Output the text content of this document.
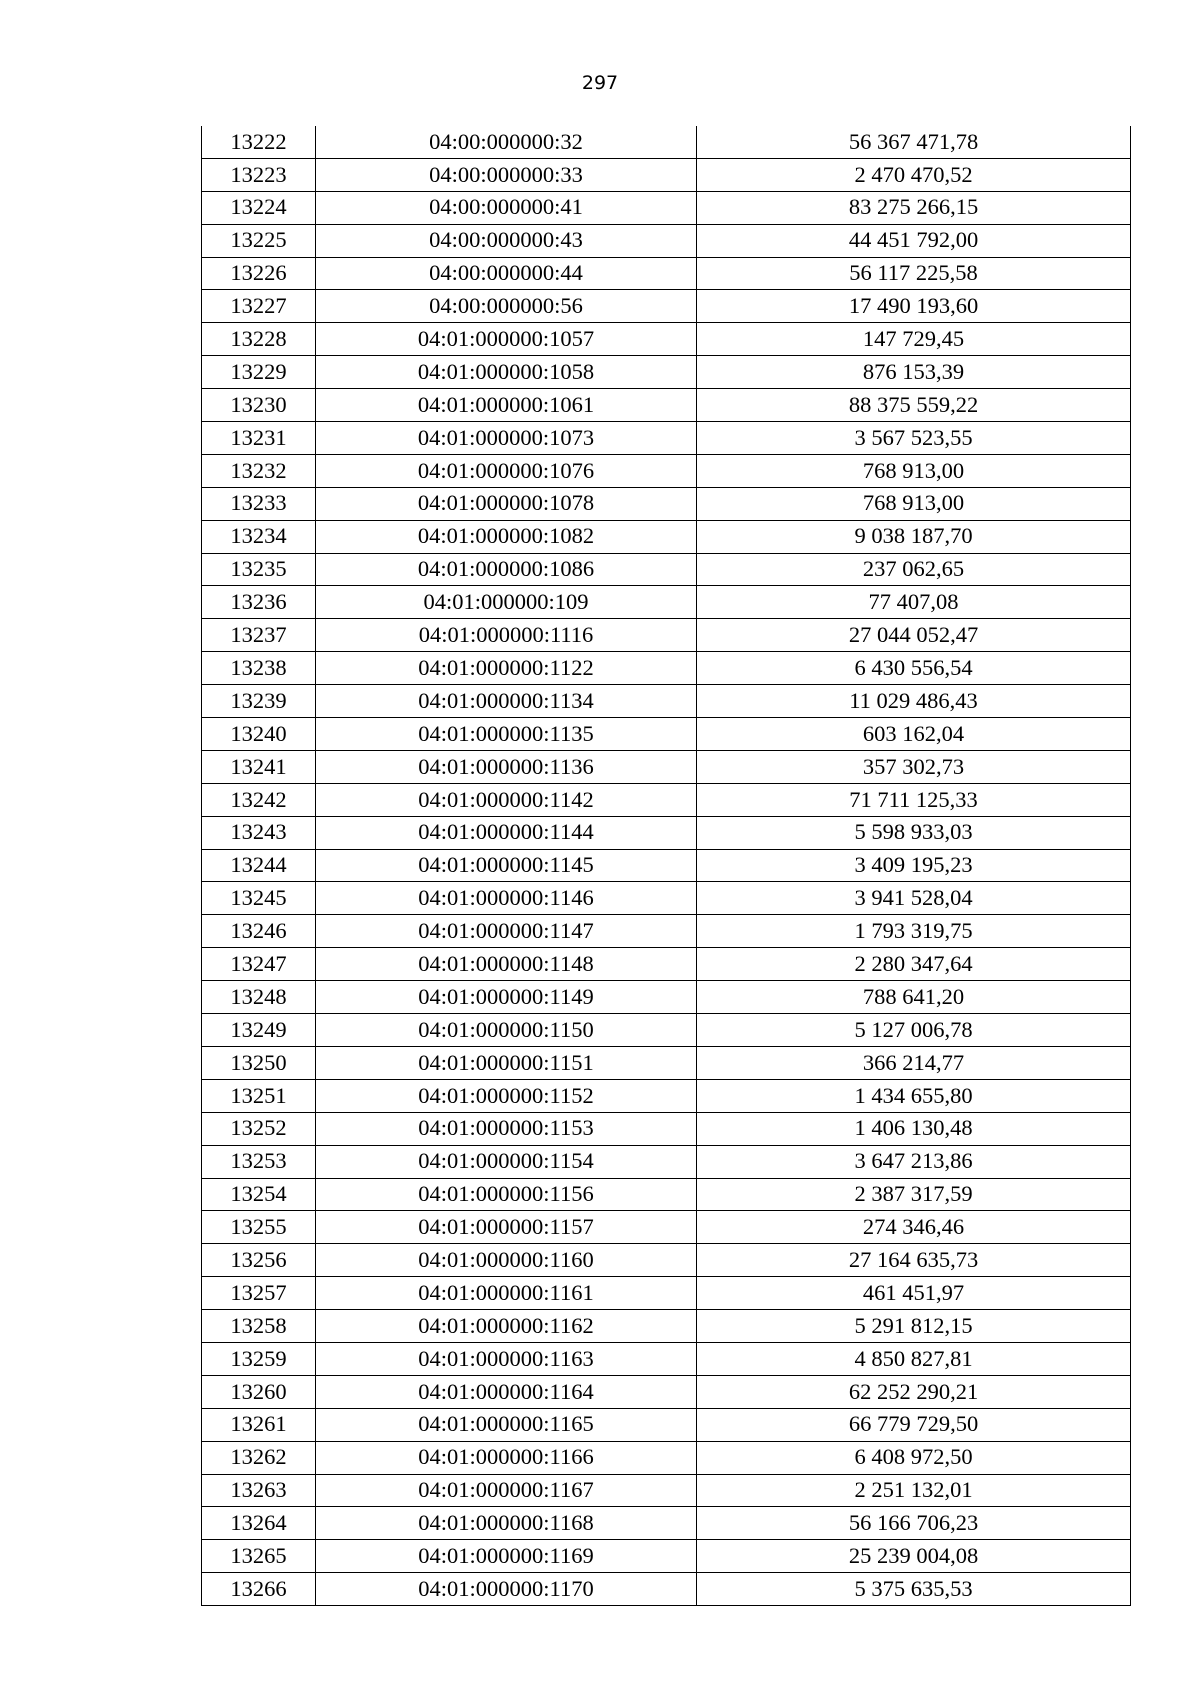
297
13222	04:00:000000:32	56 367 471,78
13223	04:00:000000:33	2 470 470,52
13224	04:00:000000:41	83 275 266,15
13225	04:00:000000:43	44 451 792,00
13226	04:00:000000:44	56 117 225,58
13227	04:00:000000:56	17 490 193,60
13228	04:01:000000:1057	147 729,45
13229	04:01:000000:1058	876 153,39
13230	04:01:000000:1061	88 375 559,22
13231	04:01:000000:1073	3 567 523,55
13232	04:01:000000:1076	768 913,00
13233	04:01:000000:1078	768 913,00
13234	04:01:000000:1082	9 038 187,70
13235	04:01:000000:1086	237 062,65
13236	04:01:000000:109	77 407,08
13237	04:01:000000:1116	27 044 052,47
13238	04:01:000000:1122	6 430 556,54
13239	04:01:000000:1134	11 029 486,43
13240	04:01:000000:1135	603 162,04
13241	04:01:000000:1136	357 302,73
13242	04:01:000000:1142	71 711 125,33
13243	04:01:000000:1144	5 598 933,03
13244	04:01:000000:1145	3 409 195,23
13245	04:01:000000:1146	3 941 528,04
13246	04:01:000000:1147	1 793 319,75
13247	04:01:000000:1148	2 280 347,64
13248	04:01:000000:1149	788 641,20
13249	04:01:000000:1150	5 127 006,78
13250	04:01:000000:1151	366 214,77
13251	04:01:000000:1152	1 434 655,80
13252	04:01:000000:1153	1 406 130,48
13253	04:01:000000:1154	3 647 213,86
13254	04:01:000000:1156	2 387 317,59
13255	04:01:000000:1157	274 346,46
13256	04:01:000000:1160	27 164 635,73
13257	04:01:000000:1161	461 451,97
13258	04:01:000000:1162	5 291 812,15
13259	04:01:000000:1163	4 850 827,81
13260	04:01:000000:1164	62 252 290,21
13261	04:01:000000:1165	66 779 729,50
13262	04:01:000000:1166	6 408 972,50
13263	04:01:000000:1167	2 251 132,01
13264	04:01:000000:1168	56 166 706,23
13265	04:01:000000:1169	25 239 004,08
13266	04:01:000000:1170	5 375 635,53
